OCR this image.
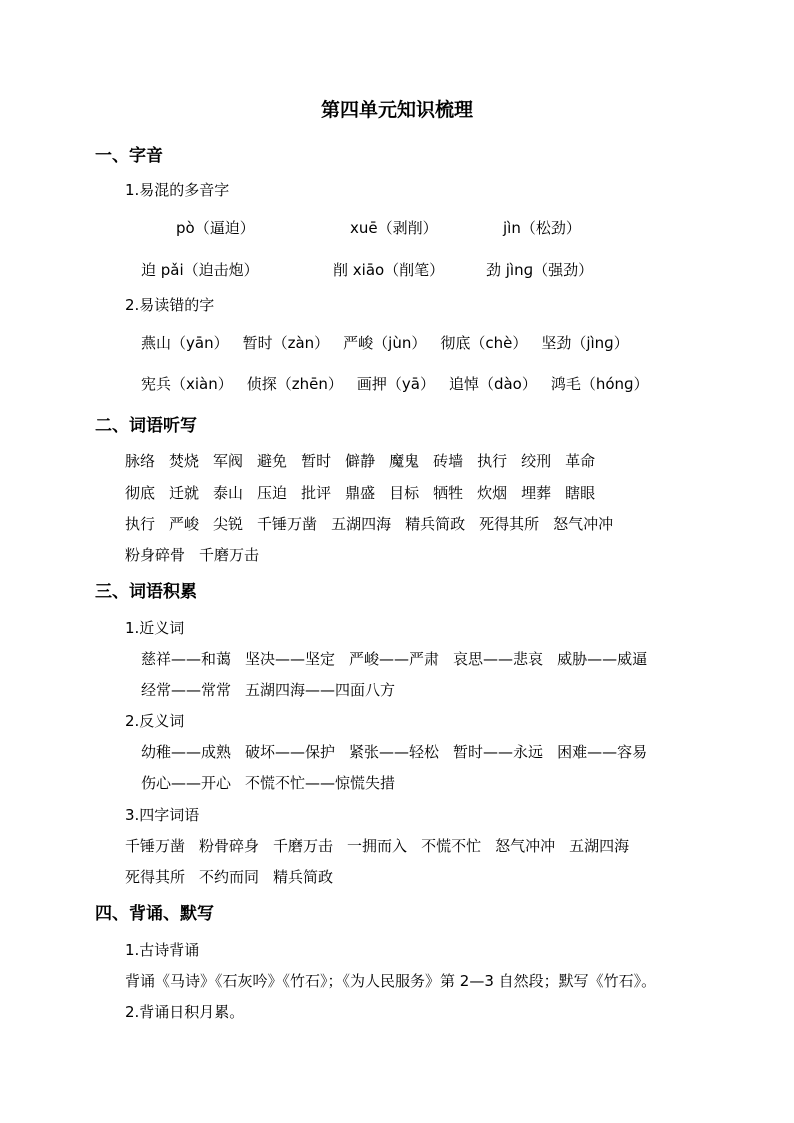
第四单元知识梳理
一、字音
1.易混的多音字
pò（逼迫）	xuē（剥削）	jìn（松劲）
迫 pǎi（迫击炮）	削 xiāo（削笔）	劲 jìnɡ（强劲）
2.易读错的字
燕山（yān） 暂时（zàn） 严峻（jùn） 彻底（chè） 坚劲（jìnɡ）
宪兵（xiàn） 侦探（zhēn） 画押（yā） 追悼（dào） 鸿毛（hónɡ）
二、词语听写
脉络 焚烧 军阀 避免 暂时 僻静 魔鬼 砖墙 执行 绞刑 革命
彻底 迁就 泰山 压迫 批评 鼎盛 目标 牺牲 炊烟 埋葬 瞎眼
执行 严峻 尖锐 千锤万凿 五湖四海 精兵简政 死得其所 怒气冲冲
粉身碎骨 千磨万击
三、词语积累
1.近义词
慈祥——和蔼 坚决——坚定 严峻——严肃 哀思——悲哀 威胁——威逼
经常——常常 五湖四海——四面八方
2.反义词
幼稚——成熟 破坏——保护 紧张——轻松 暂时——永远 困难——容易
伤心——开心 不慌不忙——惊慌失措
3.四字词语
千锤万凿 粉骨碎身 千磨万击 一拥而入 不慌不忙 怒气冲冲 五湖四海
死得其所 不约而同 精兵简政
四、背诵、默写
1.古诗背诵
背诵《马诗》《石灰吟》《竹石》；《为人民服务》第 2—3 自然段；默写《竹石》。
2.背诵日积月累。
